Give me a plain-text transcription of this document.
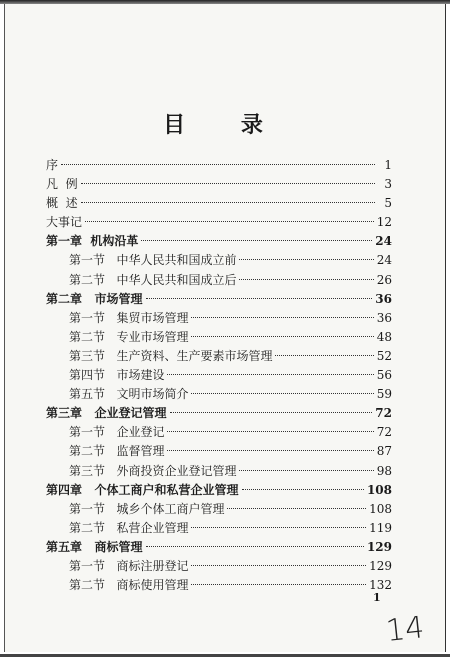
目 录
序	1
凡  例	3
概  述	5
大事记	12
第一章  机构沿革	24
第一节   中华人民共和国成立前	24
第二节   中华人民共和国成立后	26
第二章   市场管理	36
第一节   集贸市场管理	36
第二节   专业市场管理	48
第三节   生产资料、生产要素市场管理	52
第四节   市场建设	56
第五节   文明市场简介	59
第三章   企业登记管理	72
第一节   企业登记	72
第二节   监督管理	87
第三节   外商投资企业登记管理	98
第四章   个体工商户和私营企业管理	108
第一节   城乡个体工商户管理	108
第二节   私营企业管理	119
第五章   商标管理	129
第一节   商标注册登记	129
第二节   商标使用管理	132
1
14
